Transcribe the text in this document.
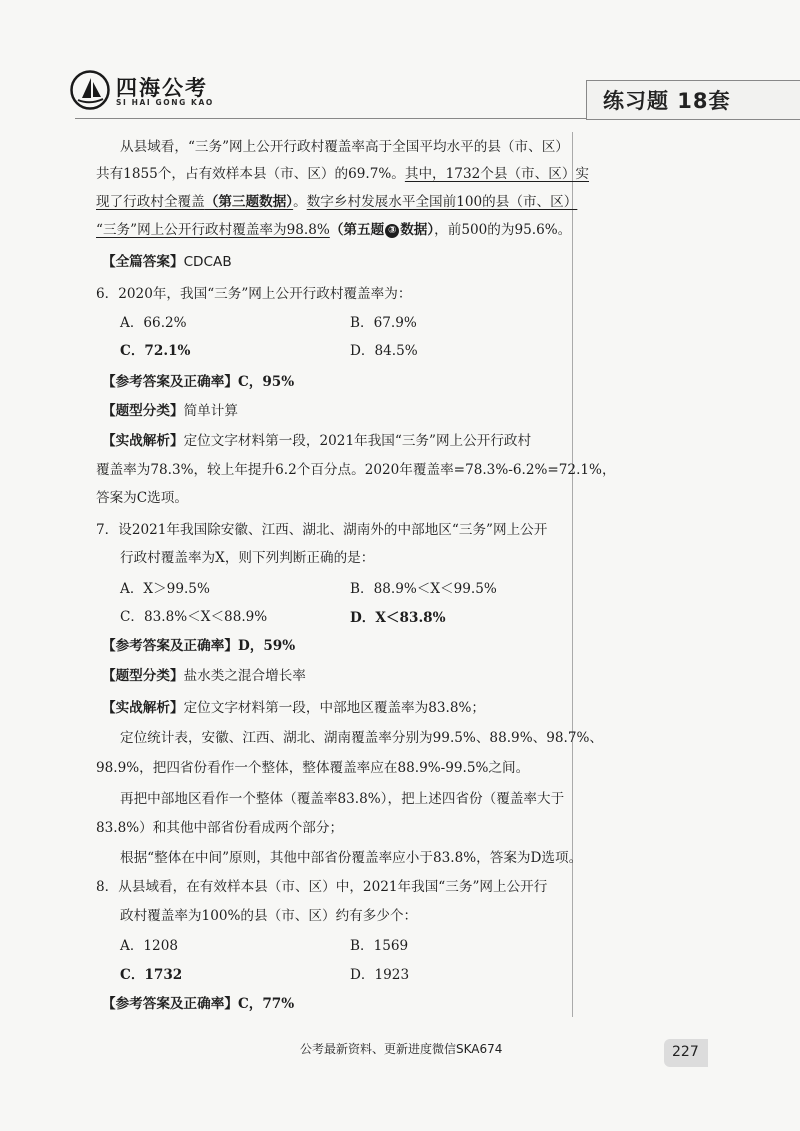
四海公考
SI HAI GONG KAO	练习题 18套
从县域看，“三务”网上公开行政村覆盖率高于全国平均水平的县（市、区）
共有1855个，占有效样本县（市、区）的69.7%。其中，1732个县（市、区）实
现了行政村全覆盖（第三题数据）。数字乡村发展水平全国前100的县（市、区）
“三务”网上公开行政村覆盖率为98.8%（第五题 ③ 数据），前500的为95.6%。
【全篇答案】CDCAB
6．2020年，我国“三务”网上公开行政村覆盖率为：
A．66.2%	B．67.9%
C．72.1%	D．84.5%
【参考答案及正确率】C，95%
【题型分类】简单计算
【实战解析】定位文字材料第一段，2021年我国“三务”网上公开行政村
覆盖率为78.3%，较上年提升6.2个百分点。2020年覆盖率=78.3%-6.2%=72.1%，
答案为C选项。
7．设2021年我国除安徽、江西、湖北、湖南外的中部地区“三务”网上公开
行政村覆盖率为X，则下列判断正确的是：
A．X＞99.5%	B．88.9%＜X＜99.5%
C．83.8%＜X＜88.9%	D．X＜83.8%
【参考答案及正确率】D，59%
【题型分类】盐水类之混合增长率
【实战解析】定位文字材料第一段，中部地区覆盖率为83.8%；
定位统计表，安徽、江西、湖北、湖南覆盖率分别为99.5%、88.9%、98.7%、
98.9%，把四省份看作一个整体，整体覆盖率应在88.9%-99.5%之间。
再把中部地区看作一个整体（覆盖率83.8%），把上述四省份（覆盖率大于
83.8%）和其他中部省份看成两个部分；
根据“整体在中间”原则，其他中部省份覆盖率应小于83.8%，答案为D选项。
8．从县域看，在有效样本县（市、区）中，2021年我国“三务”网上公开行
政村覆盖率为100%的县（市、区）约有多少个：
A．1208	B．1569
C．1732	D．1923
【参考答案及正确率】C，77%
公考最新资料、更新进度微信SKA674	227
